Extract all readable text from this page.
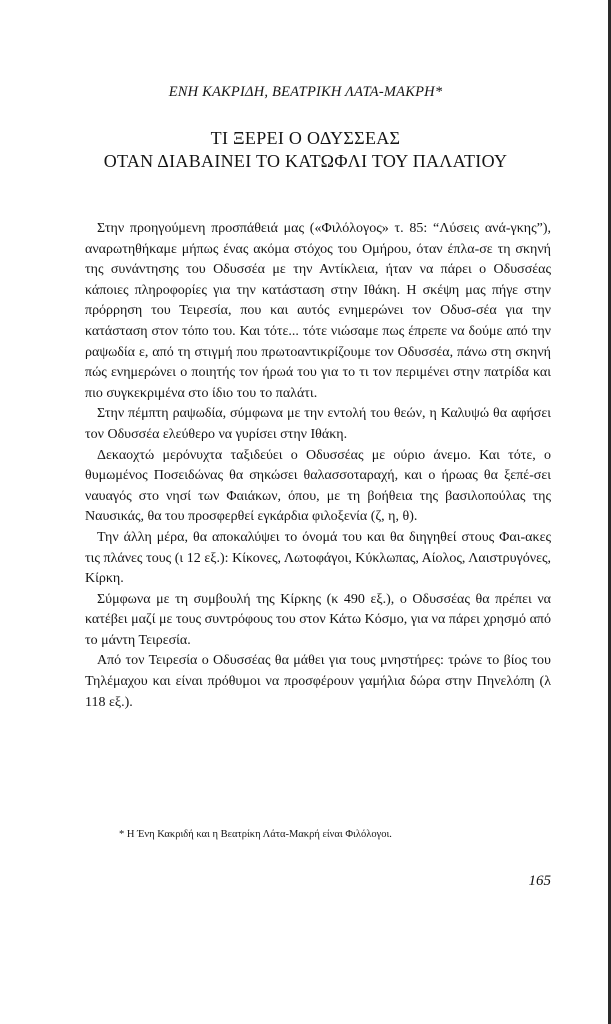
ΕΝΗ ΚΑΚΡΙΔΗ, ΒΕΑΤΡΙΚΗ ΛΑΤΑ-ΜΑΚΡΗ*
ΤΙ ΞΕΡΕΙ Ο ΟΔΥΣΣΕΑΣ
ΟΤΑΝ ΔΙΑΒΑΙΝΕΙ ΤΟ ΚΑΤΩΦΛΙ ΤΟΥ ΠΑΛΑΤΙΟΥ

Στην προηγούμενη προσπάθειά μας («Φιλόλογος» τ. 85: “Λύσεις ανά-γκης”), αναρωτηθήκαμε μήπως ένας ακόμα στόχος του Ομήρου, όταν έπλα-σε τη σκηνή της συνάντησης του Οδυσσέα με την Αντίκλεια, ήταν να πάρει ο Οδυσσέας κάποιες πληροφορίες για την κατάσταση στην Ιθάκη. Η σκέψη μας πήγε στην πρόρρηση του Τειρεσία, που και αυτός ενημερώνει τον Οδυσ-σέα για την κατάσταση στον τόπο του. Και τότε... τότε νιώσαμε πως έπρεπε να δούμε από την ραψωδία ε, από τη στιγμή που πρωτοαντικρίζουμε τον Οδυσσέα, πάνω στη σκηνή πώς ενημερώνει ο ποιητής τον ήρωά του για το τι τον περιμένει στην πατρίδα και πιο συγκεκριμένα στο ίδιο του το παλάτι.

Στην πέμπτη ραψωδία, σύμφωνα με την εντολή του θεών, η Καλυψώ θα αφήσει τον Οδυσσέα ελεύθερο να γυρίσει στην Ιθάκη.

Δεκαοχτώ μερόνυχτα ταξιδεύει ο Οδυσσέας με ούριο άνεμο. Και τότε, ο θυμωμένος Ποσειδώνας θα σηκώσει θαλασσοταραχή, και ο ήρωας θα ξεπέ-σει ναυαγός στο νησί των Φαιάκων, όπου, με τη βοήθεια της βασιλοπούλας της Ναυσικάς, θα του προσφερθεί εγκάρδια φιλοξενία (ζ, η, θ).

Την άλλη μέρα, θα αποκαλύψει το όνομά του και θα διηγηθεί στους Φαι-ακες τις πλάνες τους (ι 12 εξ.): Κίκονες, Λωτοφάγοι, Κύκλωπας, Αίολος, Λαιστρυγόνες, Κίρκη.

Σύμφωνα με τη συμβουλή της Κίρκης (κ 490 εξ.), ο Οδυσσέας θα πρέπει να κατέβει μαζί με τους συντρόφους του στον Κάτω Κόσμο, για να πάρει χρησμό από το μάντη Τειρεσία.

Από τον Τειρεσία ο Οδυσσέας θα μάθει για τους μνηστήρες: τρώνε το βίος του Τηλέμαχου και είναι πρόθυμοι να προσφέρουν γαμήλια δώρα στην Πηνελόπη (λ 118 εξ.).

* Η Ένη Κακριδή και η Βεατρίκη Λάτα-Μακρή είναι Φιλόλογοι.
165
